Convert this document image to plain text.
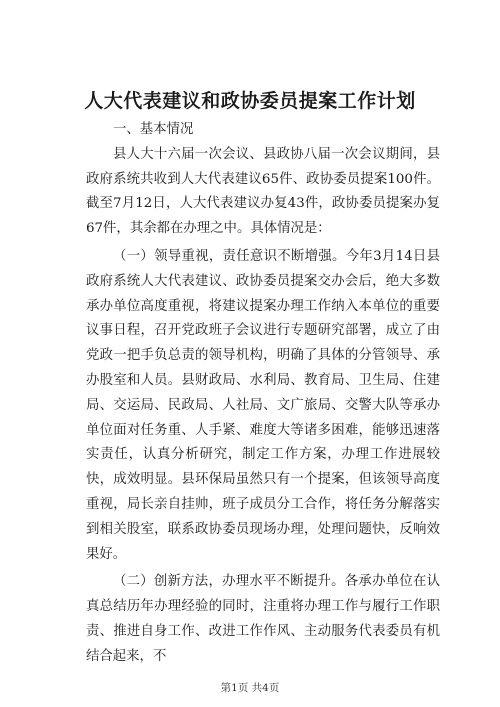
人大代表建议和政协委员提案工作计划

一、基本情况

县人大十六届一次会议、县政协八届一次会议期间，县政府系统共收到人大代表建议65件、政协委员提案100件。截至7月12日，人大代表建议办复43件，政协委员提案办复67件，其余都在办理之中。具体情况是：

（一）领导重视，责任意识不断增强。今年3月14日县政府系统人大代表建议、政协委员提案交办会后，绝大多数承办单位高度重视，将建议提案办理工作纳入本单位的重要议事日程，召开党政班子会议进行专题研究部署，成立了由党政一把手负总责的领导机构，明确了具体的分管领导、承办股室和人员。县财政局、水利局、教育局、卫生局、住建局、交运局、民政局、人社局、文广旅局、交警大队等承办单位面对任务重、人手紧、难度大等诸多困难，能够迅速落实责任，认真分析研究，制定工作方案，办理工作进展较快，成效明显。县环保局虽然只有一个提案，但该领导高度重视，局长亲自挂帅，班子成员分工合作，将任务分解落实到相关股室，联系政协委员现场办理，处理问题快，反响效果好。

（二）创新方法，办理水平不断提升。各承办单位在认真总结历年办理经验的同时，注重将办理工作与履行工作职责、推进自身工作、改进工作作风、主动服务代表委员有机结合起来，不

第1页 共4页
